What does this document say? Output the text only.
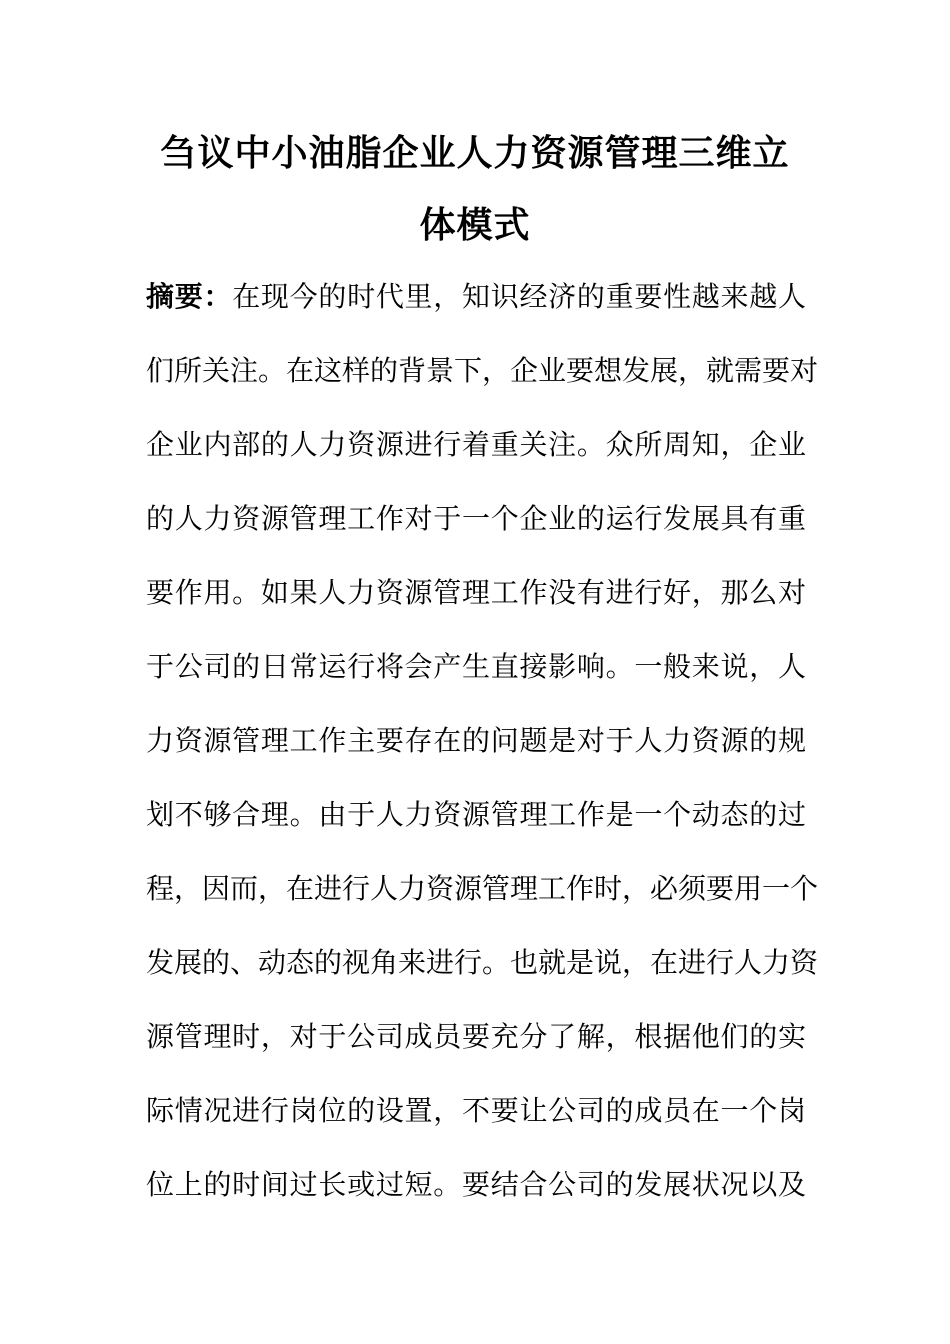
刍议中小油脂企业人力资源管理三维立
体模式
摘要：在现今的时代里，知识经济的重要性越来越人
们所关注。在这样的背景下，企业要想发展，就需要对
企业内部的人力资源进行着重关注。众所周知，企业
的人力资源管理工作对于一个企业的运行发展具有重
要作用。如果人力资源管理工作没有进行好，那么对
于公司的日常运行将会产生直接影响。一般来说，人
力资源管理工作主要存在的问题是对于人力资源的规
划不够合理。由于人力资源管理工作是一个动态的过
程，因而，在进行人力资源管理工作时，必须要用一个
发展的、动态的视角来进行。也就是说，在进行人力资
源管理时，对于公司成员要充分了解，根据他们的实
际情况进行岗位的设置，不要让公司的成员在一个岗
位上的时间过长或过短。要结合公司的发展状况以及
